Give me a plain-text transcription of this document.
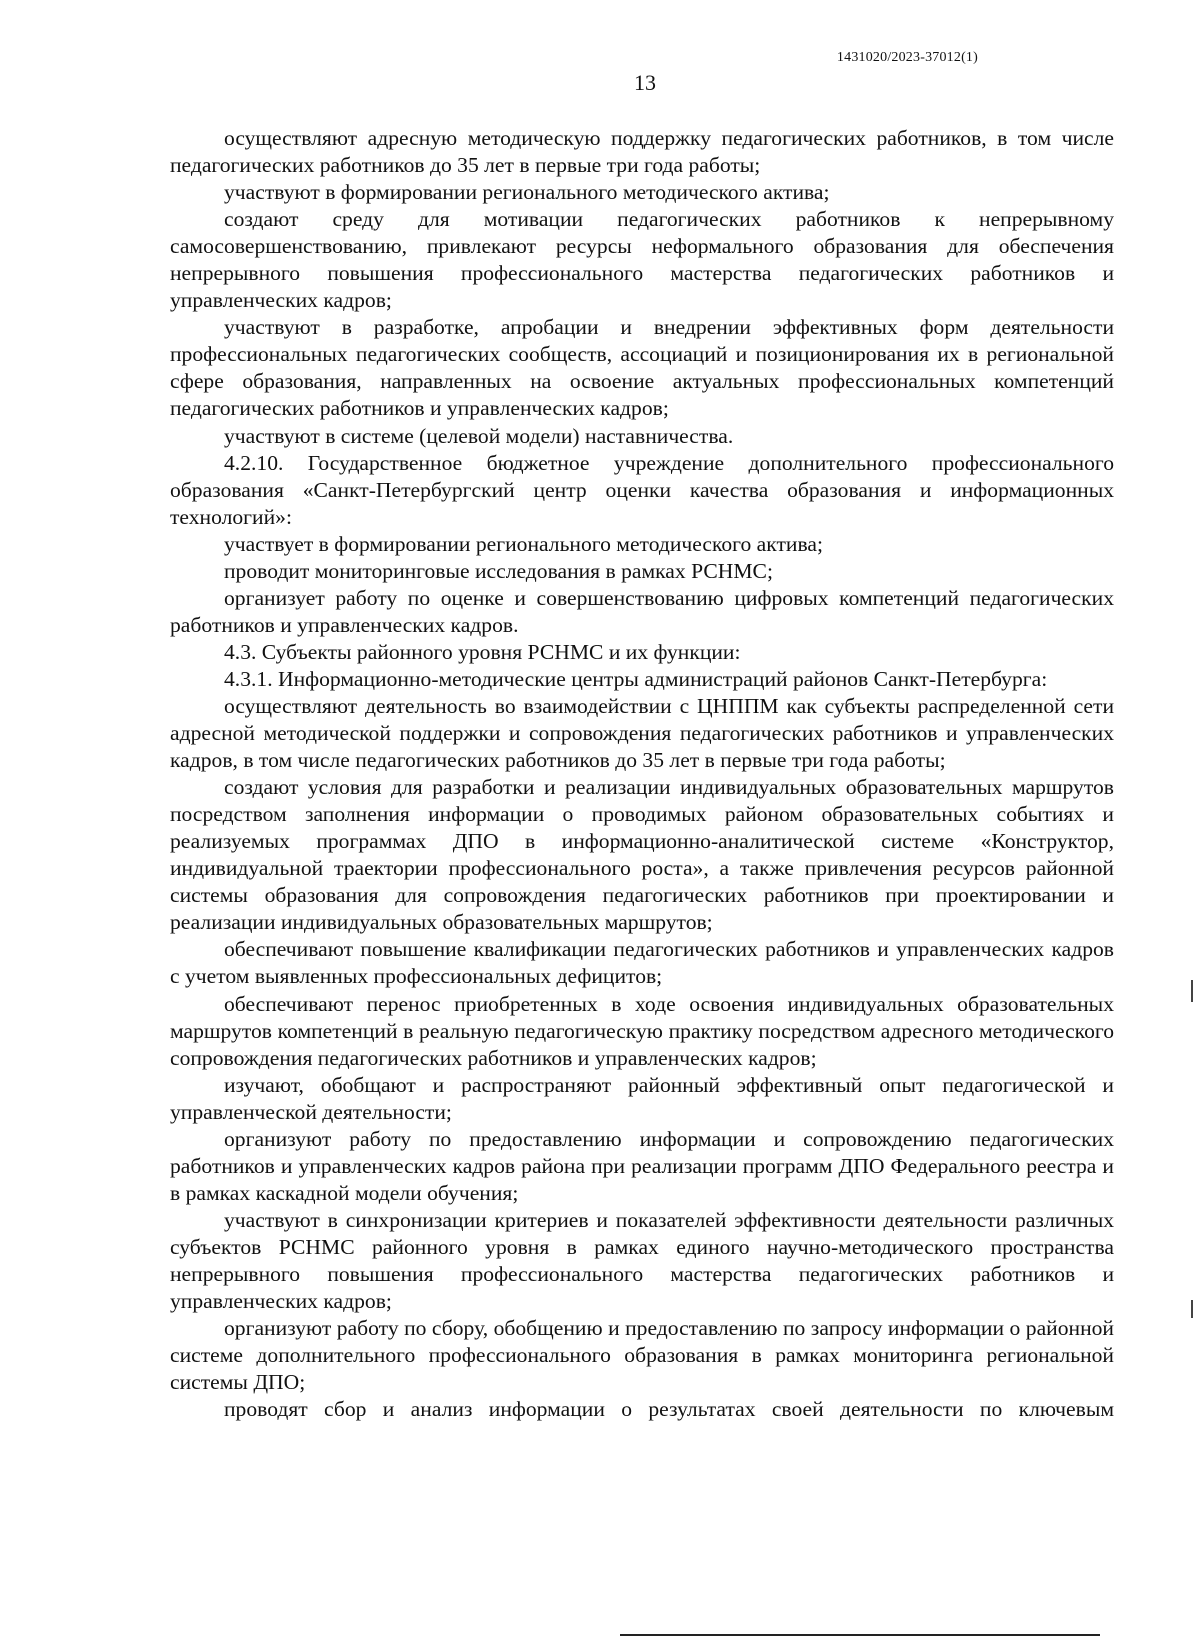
1431020/2023-37012(1)
13

осуществляют адресную методическую поддержку педагогических работников, в том числе педагогических работников до 35 лет в первые три года работы;

участвуют в формировании регионального методического актива;

создают среду для мотивации педагогических работников к непрерывному самосовершенствованию, привлекают ресурсы неформального образования для обеспечения непрерывного повышения профессионального мастерства педагогических работников и управленческих кадров;

участвуют в разработке, апробации и внедрении эффективных форм деятельности профессиональных педагогических сообществ, ассоциаций и позиционирования их в региональной сфере образования, направленных на освоение актуальных профессиональных компетенций педагогических работников и управленческих кадров;

участвуют в системе (целевой модели) наставничества.

4.2.10. Государственное бюджетное учреждение дополнительного профессионального образования «Санкт-Петербургский центр оценки качества образования и информационных технологий»:

участвует в формировании регионального методического актива;

проводит мониторинговые исследования в рамках РСНМС;

организует работу по оценке и совершенствованию цифровых компетенций педагогических работников и управленческих кадров.

4.3. Субъекты районного уровня РСНМС и их функции:

4.3.1. Информационно-методические центры администраций районов Санкт-Петербурга:

осуществляют деятельность во взаимодействии с ЦНППМ как субъекты распределенной сети адресной методической поддержки и сопровождения педагогических работников и управленческих кадров, в том числе педагогических работников до 35 лет в первые три года работы;

создают условия для разработки и реализации индивидуальных образовательных маршрутов посредством заполнения информации о проводимых районом образовательных событиях и реализуемых программах ДПО в информационно-аналитической системе «Конструктор, индивидуальной траектории профессионального роста», а также привлечения ресурсов районной системы образования для сопровождения педагогических работников при проектировании и реализации индивидуальных образовательных маршрутов;

обеспечивают повышение квалификации педагогических работников и управленческих кадров с учетом выявленных профессиональных дефицитов;

обеспечивают перенос приобретенных в ходе освоения индивидуальных образовательных маршрутов компетенций в реальную педагогическую практику посредством адресного методического сопровождения педагогических работников и управленческих кадров;

изучают, обобщают и распространяют районный эффективный опыт педагогической и управленческой деятельности;

организуют работу по предоставлению информации и сопровождению педагогических работников и управленческих кадров района при реализации программ ДПО Федерального реестра и в рамках каскадной модели обучения;

участвуют в синхронизации критериев и показателей эффективности деятельности различных субъектов РСНМС районного уровня в рамках единого научно-методического пространства непрерывного повышения профессионального мастерства педагогических работников и управленческих кадров;

организуют работу по сбору, обобщению и предоставлению по запросу информации о районной системе дополнительного профессионального образования в рамках мониторинга региональной системы ДПО;

проводят сбор и анализ информации о результатах своей деятельности по ключевым
